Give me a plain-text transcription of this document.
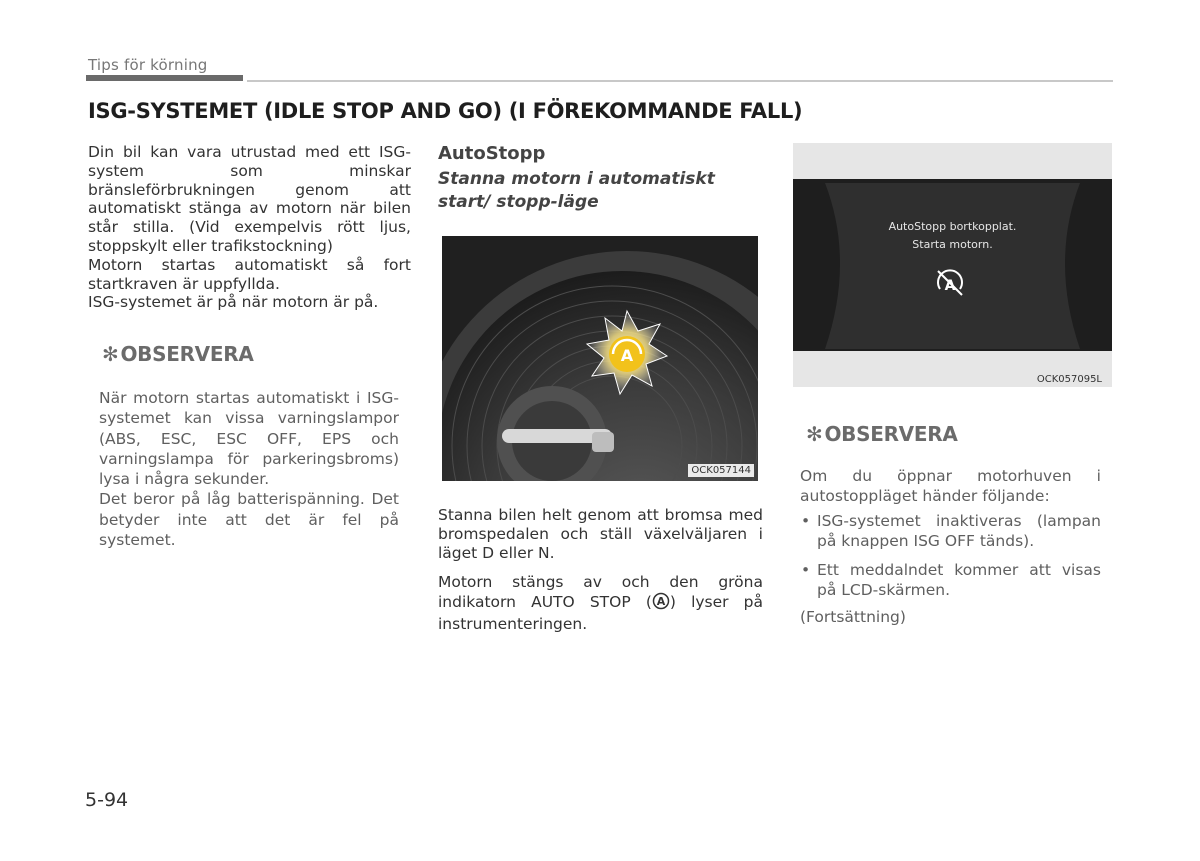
Tips för körning
ISG-SYSTEMET (IDLE STOP AND GO) (I FÖREKOMMANDE FALL)

Din bil kan vara utrustad med ett ISG-system som minskar bränsleförbrukningen genom att automatiskt stänga av motorn när bilen står stilla. (Vid exempelvis rött ljus, stoppskylt eller trafikstockning)

Motorn startas automatiskt så fort startkraven är uppfyllda.

ISG-systemet är på när motorn är på.

✻ OBSERVERA

När motorn startas automatiskt i ISG-systemet kan vissa varningslampor (ABS, ESC, ESC OFF, EPS och varningslampa för parkeringsbroms) lysa i några sekunder.

Det beror på låg batterispänning. Det betyder inte att det är fel på systemet.

AutoStopp
Stanna motorn i automatiskt start/ stopp-läge
A
OCK057144

Stanna bilen helt genom att bromsa med bromspedalen och ställ växelväljaren i läget D eller N.

Motorn stängs av och den gröna indikatorn AUTO STOP ( A ) lyser på instrumenteringen.

A
AutoStopp bortkopplat.
Starta motorn.
OCK057095L
✻ OBSERVERA

Om du öppnar motorhuven i autostoppläget händer följande:

• ISG-systemet inaktiveras (lampan på knappen ISG OFF tänds).
• Ett meddalndet kommer att visas på LCD-skärmen.

(Fortsättning)

5-94
